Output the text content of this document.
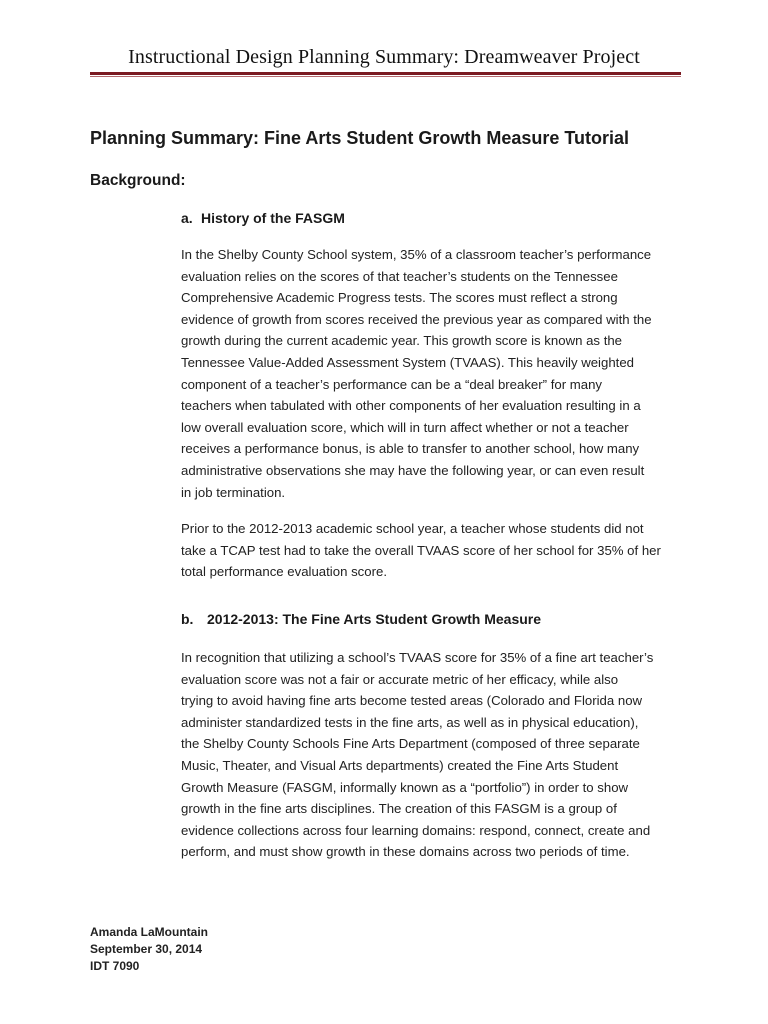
Instructional Design Planning Summary: Dreamweaver Project
Planning Summary: Fine Arts Student Growth Measure Tutorial
Background:
a. History of the FASGM
In the Shelby County School system, 35% of a classroom teacher’s performance
evaluation relies on the scores of that teacher’s students on the Tennessee
Comprehensive Academic Progress tests. The scores must reflect a strong
evidence of growth from scores received the previous year as compared with the
growth during the current academic year. This growth score is known as the
Tennessee Value-Added Assessment System (TVAAS). This heavily weighted
component of a teacher’s performance can be a “deal breaker” for many
teachers when tabulated with other components of her evaluation resulting in a
low overall evaluation score, which will in turn affect whether or not a teacher
receives a performance bonus, is able to transfer to another school, how many
administrative observations she may have the following year, or can even result
in job termination.
Prior to the 2012-2013 academic school year, a teacher whose students did not
take a TCAP test had to take the overall TVAAS score of her school for 35% of her
total performance evaluation score.
b. 2012-2013: The Fine Arts Student Growth Measure
In recognition that utilizing a school’s TVAAS score for 35% of a fine art teacher’s
evaluation score was not a fair or accurate metric of her efficacy, while also
trying to avoid having fine arts become tested areas (Colorado and Florida now
administer standardized tests in the fine arts, as well as in physical education),
the Shelby County Schools Fine Arts Department (composed of three separate
Music, Theater, and Visual Arts departments) created the Fine Arts Student
Growth Measure (FASGM, informally known as a “portfolio”) in order to show
growth in the fine arts disciplines. The creation of this FASGM is a group of
evidence collections across four learning domains: respond, connect, create and
perform, and must show growth in these domains across two periods of time.
Amanda LaMountain
September 30, 2014
IDT 7090
